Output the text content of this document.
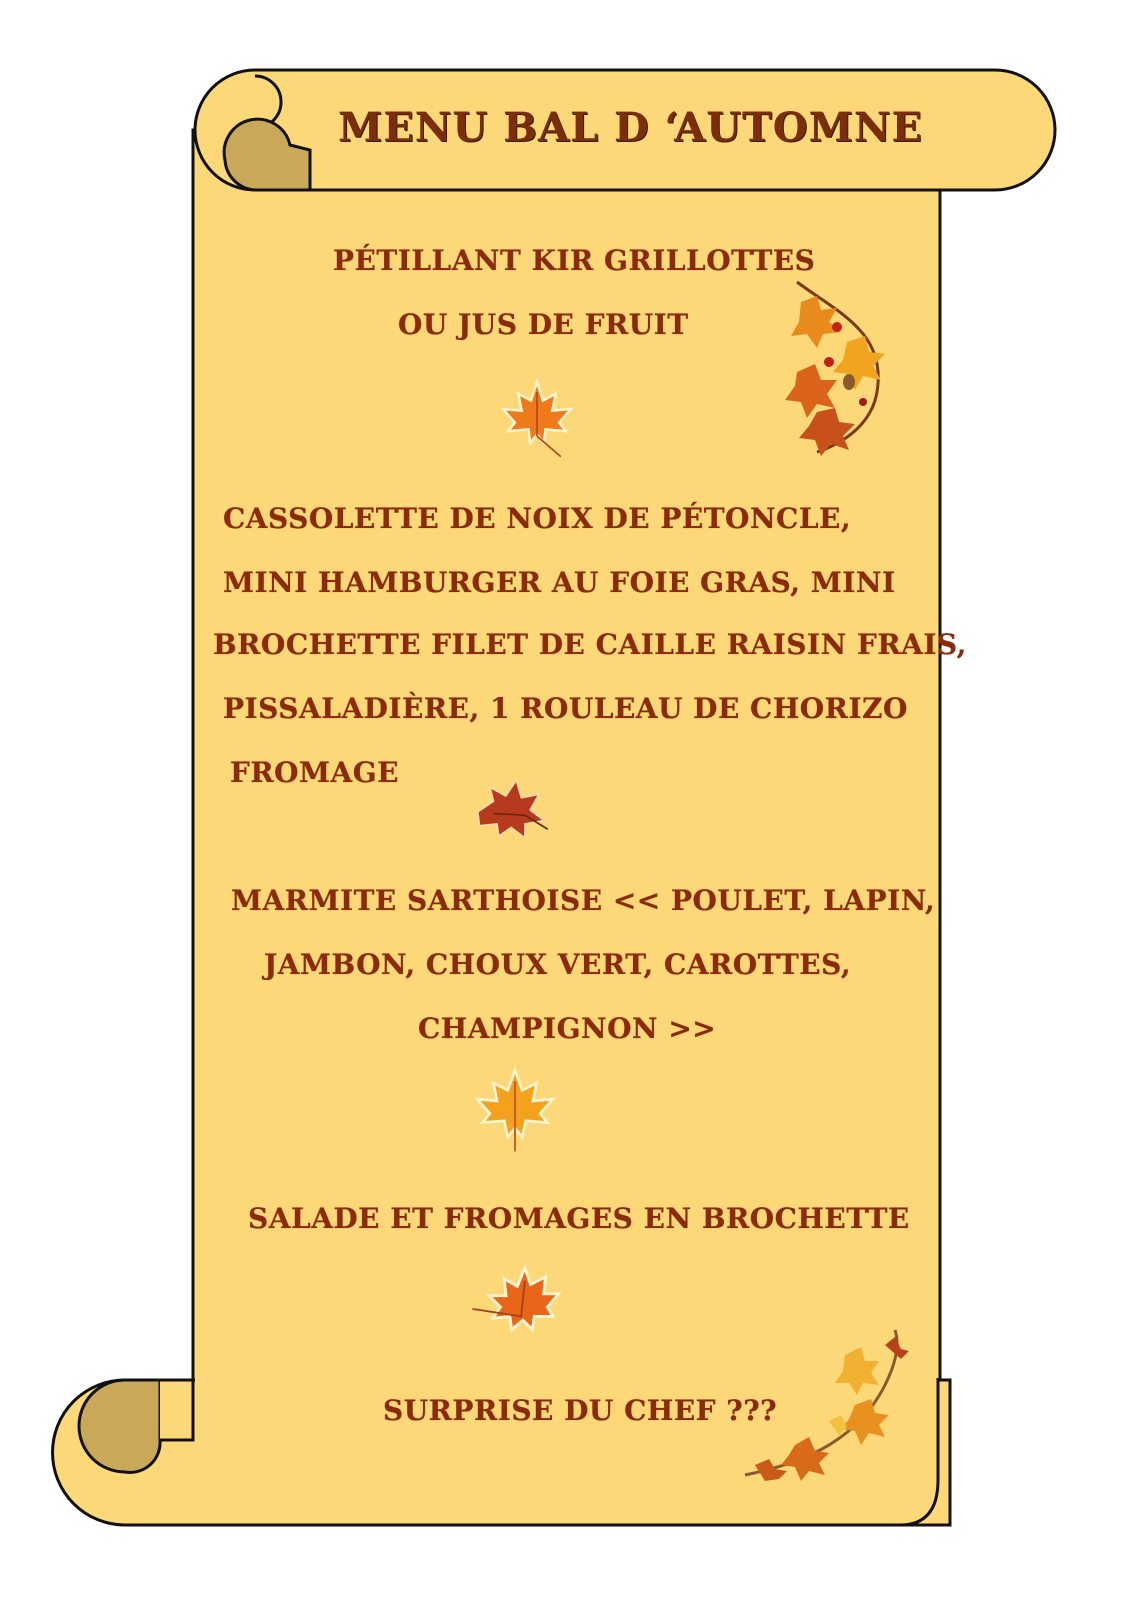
MENU BAL D ‘AUTOMNE
PÉTILLANT KIR GRILLOTTES
OU JUS DE FRUIT
CASSOLETTE DE NOIX DE PÉTONCLE,
MINI HAMBURGER AU FOIE GRAS, MINI
BROCHETTE FILET DE CAILLE RAISIN FRAIS,
PISSALADIÈRE, 1 ROULEAU DE CHORIZO
FROMAGE
MARMITE SARTHOISE << POULET, LAPIN,
JAMBON, CHOUX VERT, CAROTTES,
CHAMPIGNON >>
SALADE ET FROMAGES EN BROCHETTE
SURPRISE DU CHEF ???
